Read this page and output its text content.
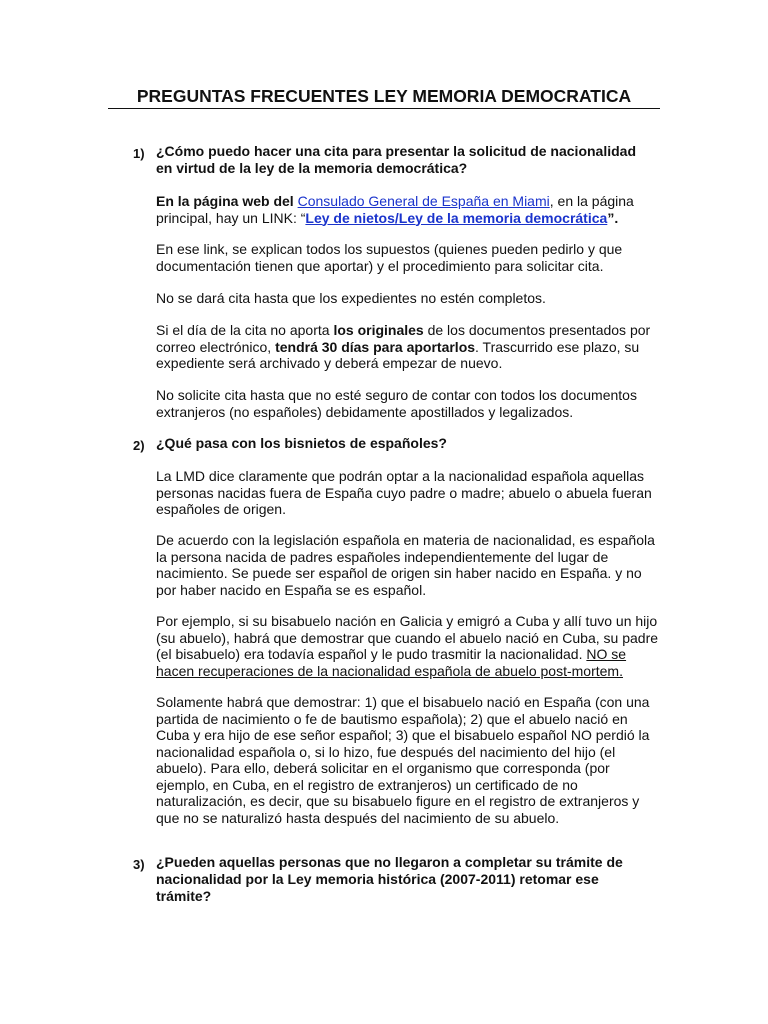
PREGUNTAS FRECUENTES LEY MEMORIA DEMOCRATICA
1) ¿Cómo puedo hacer una cita para presentar la solicitud de nacionalidad en virtud de la ley de la memoria democrática?

En la página web del Consulado General de España en Miami, en la página principal, hay un LINK: “Ley de nietos/Ley de la memoria democrática”.

En ese link, se explican todos los supuestos (quienes pueden pedirlo y que documentación tienen que aportar) y el procedimiento para solicitar cita.

No se dará cita hasta que los expedientes no estén completos.

Si el día de la cita no aporta los originales de los documentos presentados por correo electrónico, tendrá 30 días para aportarlos. Trascurrido ese plazo, su expediente será archivado y deberá empezar de nuevo.

No solicite cita hasta que no esté seguro de contar con todos los documentos extranjeros (no españoles) debidamente apostillados y legalizados.

2) ¿Qué pasa con los bisnietos de españoles?

La LMD dice claramente que podrán optar a la nacionalidad española aquellas personas nacidas fuera de España cuyo padre o madre; abuelo o abuela fueran españoles de origen.

De acuerdo con la legislación española en materia de nacionalidad, es española la persona nacida de padres españoles independientemente del lugar de nacimiento. Se puede ser español de origen sin haber nacido en España. y no por haber nacido en España se es español.

Por ejemplo, si su bisabuelo nación en Galicia y emigró a Cuba y allí tuvo un hijo (su abuelo), habrá que demostrar que cuando el abuelo nació en Cuba, su padre (el bisabuelo) era todavía español y le pudo trasmitir la nacionalidad. NO se hacen recuperaciones de la nacionalidad española de abuelo post-mortem.

Solamente habrá que demostrar: 1) que el bisabuelo nació en España (con una partida de nacimiento o fe de bautismo española); 2) que el abuelo nació en Cuba y era hijo de ese señor español; 3) que el bisabuelo español NO perdió la nacionalidad española o, si lo hizo, fue después del nacimiento del hijo (el abuelo). Para ello, deberá solicitar en el organismo que corresponda (por ejemplo, en Cuba, en el registro de extranjeros) un certificado de no naturalización, es decir, que su bisabuelo figure en el registro de extranjeros y que no se naturalizó hasta después del nacimiento de su abuelo.

3) ¿Pueden aquellas personas que no llegaron a completar su trámite de nacionalidad por la Ley memoria histórica (2007-2011) retomar ese trámite?
